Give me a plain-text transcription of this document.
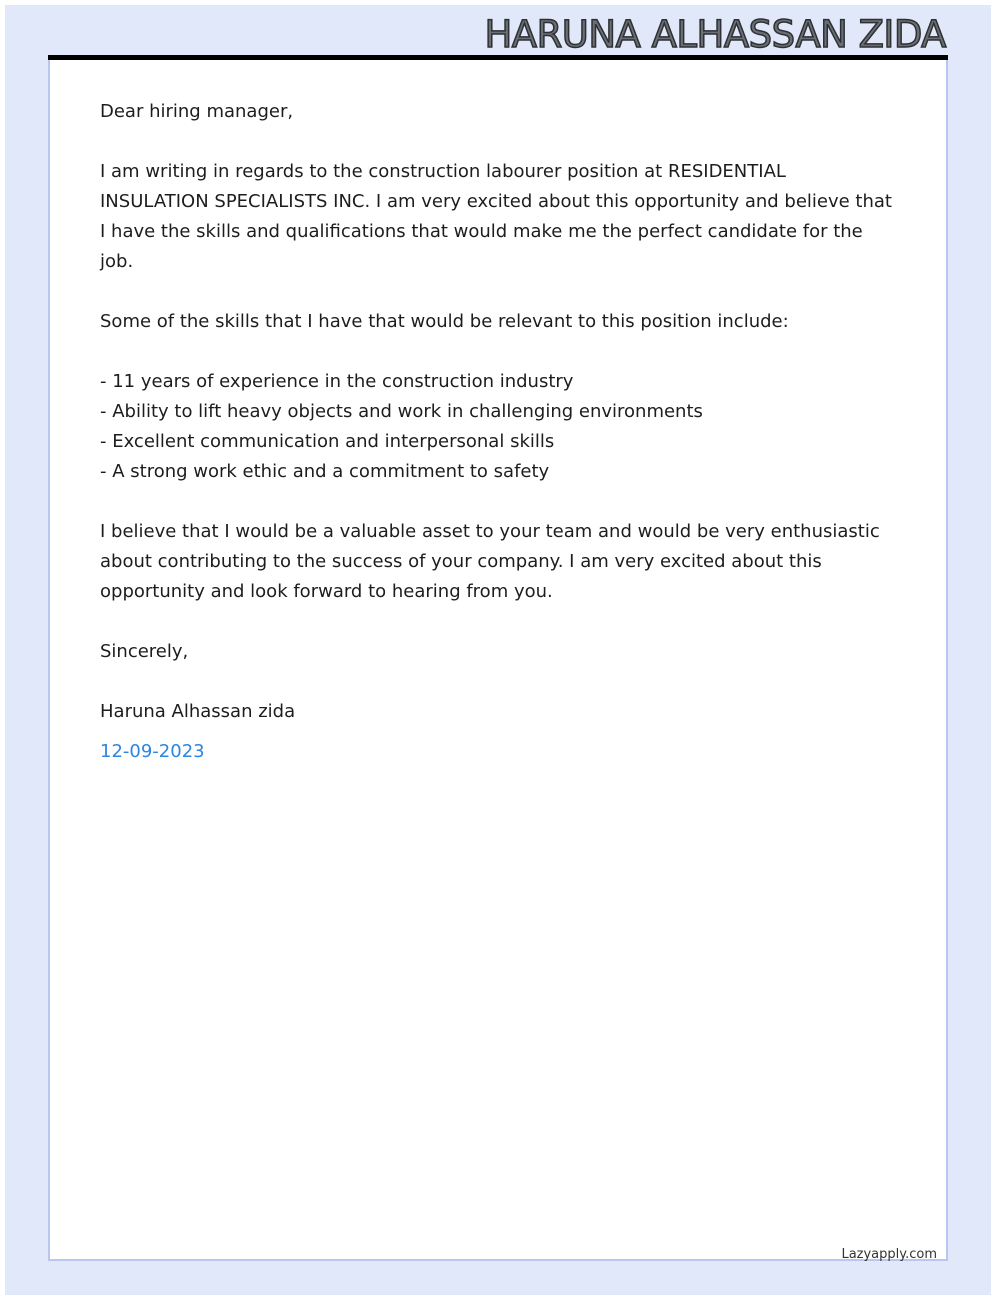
HARUNA ALHASSAN ZIDA

Dear hiring manager,

I am writing in regards to the construction labourer position at RESIDENTIAL INSULATION SPECIALISTS INC. I am very excited about this opportunity and believe that I have the skills and qualifications that would make me the perfect candidate for the job.

Some of the skills that I have that would be relevant to this position include:

- 11 years of experience in the construction industry
- Ability to lift heavy objects and work in challenging environments
- Excellent communication and interpersonal skills
- A strong work ethic and a commitment to safety

I believe that I would be a valuable asset to your team and would be very enthusiastic about contributing to the success of your company. I am very excited about this opportunity and look forward to hearing from you.

Sincerely,

Haruna Alhassan zida

12-09-2023

Lazyapply.com
